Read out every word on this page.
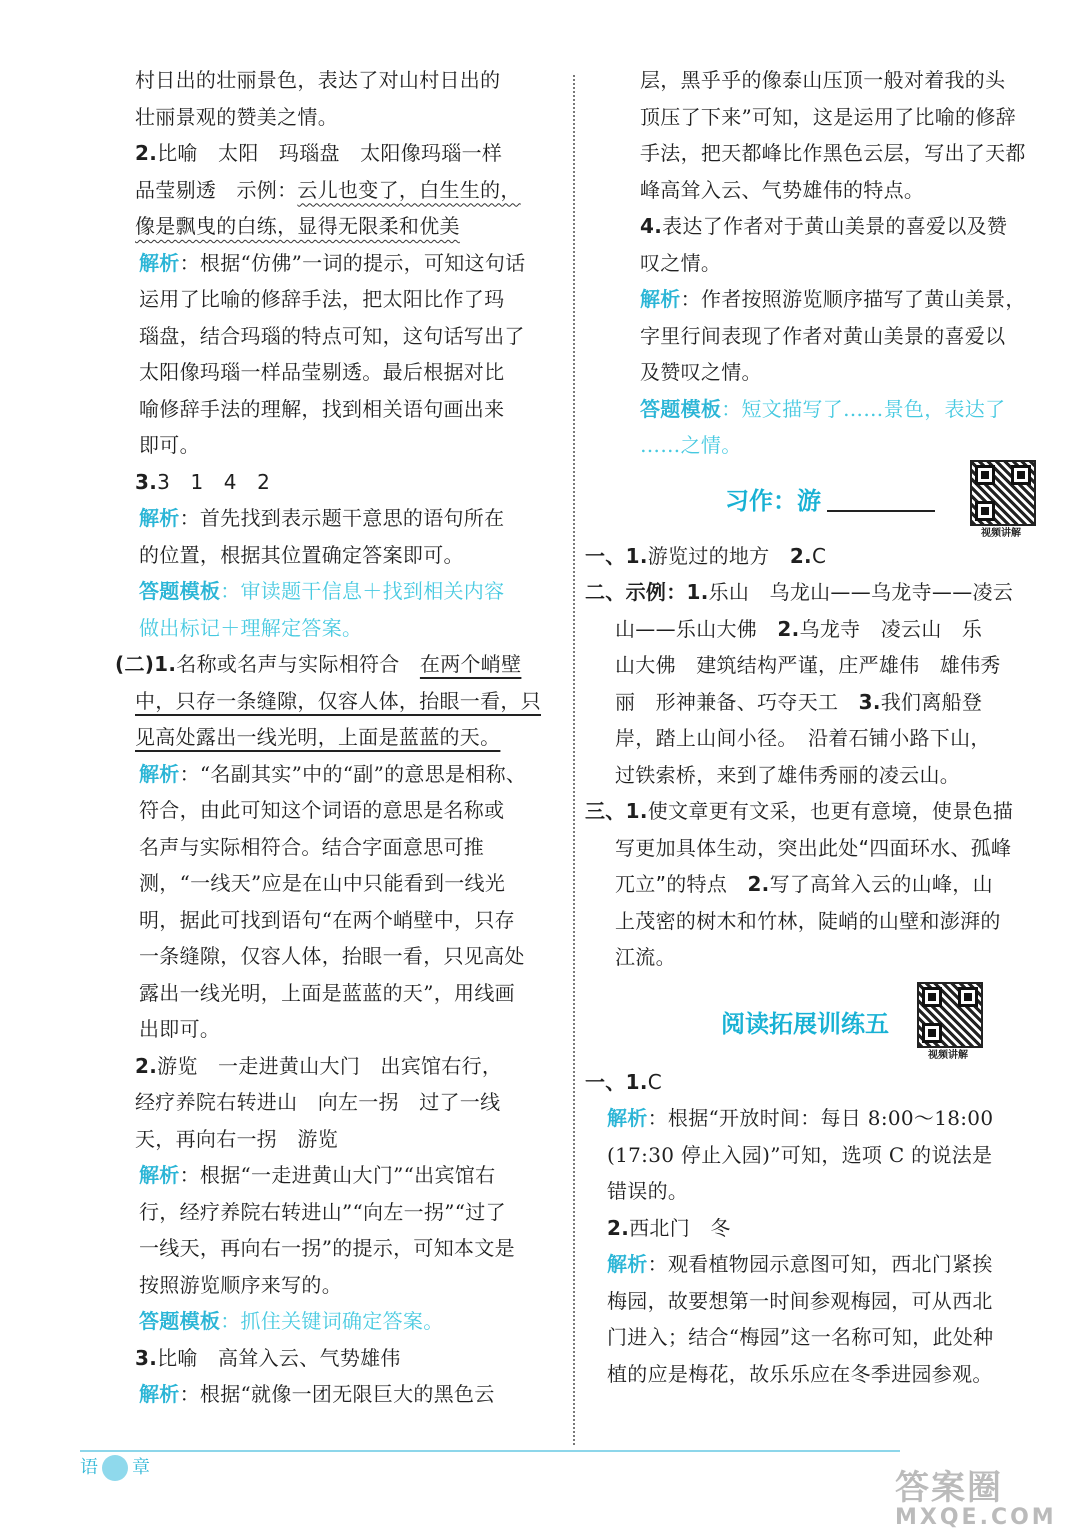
村日出的壮丽景色，表达了对山村日出的
壮丽景观的赞美之情。
2.比喻　太阳　玛瑙盘　太阳像玛瑙一样
品莹剔透　示例：云儿也变了，白生生的，
像是飘曳的白练，显得无限柔和优美
解析：根据“仿佛”一词的提示，可知这句话
运用了比喻的修辞手法，把太阳比作了玛
瑙盘，结合玛瑙的特点可知，这句话写出了
太阳像玛瑙一样品莹剔透。最后根据对比
喻修辞手法的理解，找到相关语句画出来
即可。
3.3　1　4　2
解析：首先找到表示题干意思的语句所在
的位置，根据其位置确定答案即可。
答题模板：审读题干信息＋找到相关内容
做出标记＋理解定答案。
(二)1.名称或名声与实际相符合　在两个峭壁
中，只存一条缝隙，仅容人体，抬眼一看，只
见高处露出一线光明，上面是蓝蓝的天。
解析：“名副其实”中的“副”的意思是相称、
符合，由此可知这个词语的意思是名称或
名声与实际相符合。结合字面意思可推
测，“一线天”应是在山中只能看到一线光
明，据此可找到语句“在两个峭壁中，只存
一条缝隙，仅容人体，抬眼一看，只见高处
露出一线光明，上面是蓝蓝的天”，用线画
出即可。
2.游览　一走进黄山大门　出宾馆右行，
经疗养院右转进山　向左一拐　过了一线
天，再向右一拐　游览
解析：根据“一走进黄山大门”“出宾馆右
行，经疗养院右转进山”“向左一拐”“过了
一线天，再向右一拐”的提示，可知本文是
按照游览顺序来写的。
答题模板：抓住关键词确定答案。
3.比喻　高耸入云、气势雄伟
解析：根据“就像一团无限巨大的黑色云
层，黑乎乎的像泰山压顶一般对着我的头
顶压了下来”可知，这是运用了比喻的修辞
手法，把天都峰比作黑色云层，写出了天都
峰高耸入云、气势雄伟的特点。
4.表达了作者对于黄山美景的喜爱以及赞
叹之情。
解析：作者按照游览顺序描写了黄山美景，
字里行间表现了作者对黄山美景的喜爱以
及赞叹之情。
答题模板：短文描写了……景色，表达了
……之情。
习作：游
视频讲解
一、1.游览过的地方　2.C
二、示例：1.乐山　乌龙山——乌龙寺——凌云
山——乐山大佛　2.乌龙寺　凌云山　乐
山大佛　建筑结构严谨，庄严雄伟　雄伟秀
丽　形神兼备、巧夺天工　3.我们离船登
岸，踏上山间小径。　沿着石铺小路下山，
过铁索桥，来到了雄伟秀丽的凌云山。
三、1.使文章更有文采，也更有意境，使景色描
写更加具体生动，突出此处“四面环水、孤峰
兀立”的特点　2.写了高耸入云的山峰，山
上茂密的树木和竹林，陡峭的山壁和澎湃的
江流。
阅读拓展训练五
视频讲解
一、1.C
解析：根据“开放时间：每日 8:00～18:00
(17:30 停止入园)”可知，选项 C 的说法是
错误的。
2.西北门　冬
解析：观看植物园示意图可知，西北门紧挨
梅园，故要想第一时间参观梅园，可从西北
门进入；结合“梅园”这一名称可知，此处种
植的应是梅花，故乐乐应在冬季进园参观。
语 章
答案圈
MXQE.COM
